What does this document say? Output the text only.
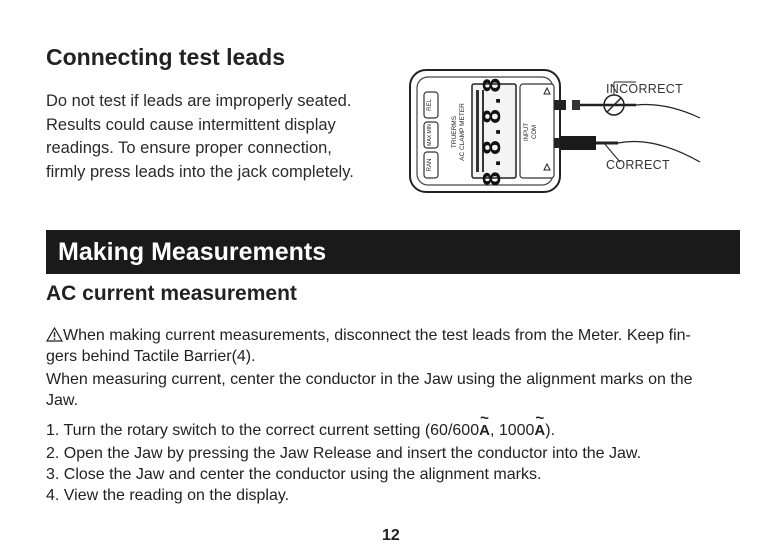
Connecting test leads
Do not test if leads are improperly seated.
Results could cause intermittent display
readings. To ensure proper connection,
firmly press leads into the jack completely.
REL
MAX MIN
RAN
TRUERMS AC CLAMP METER 8.8.8.8	INPUT COM
INCORRECT
CORRECT
Making Measurements
AC current measurement
When making current measurements, disconnect the test leads from the Meter. Keep fin-
gers behind Tactile Barrier(4).
When measuring current, center the conductor in the Jaw using the alignment marks on the
Jaw.
1. Turn the rotary switch to the correct current setting (60/600~ A, 1000~ A).
2. Open the Jaw by pressing the Jaw Release and insert the conductor into the Jaw.
3. Close the Jaw and center the conductor using the alignment marks.
4. View the reading on the display.
12
